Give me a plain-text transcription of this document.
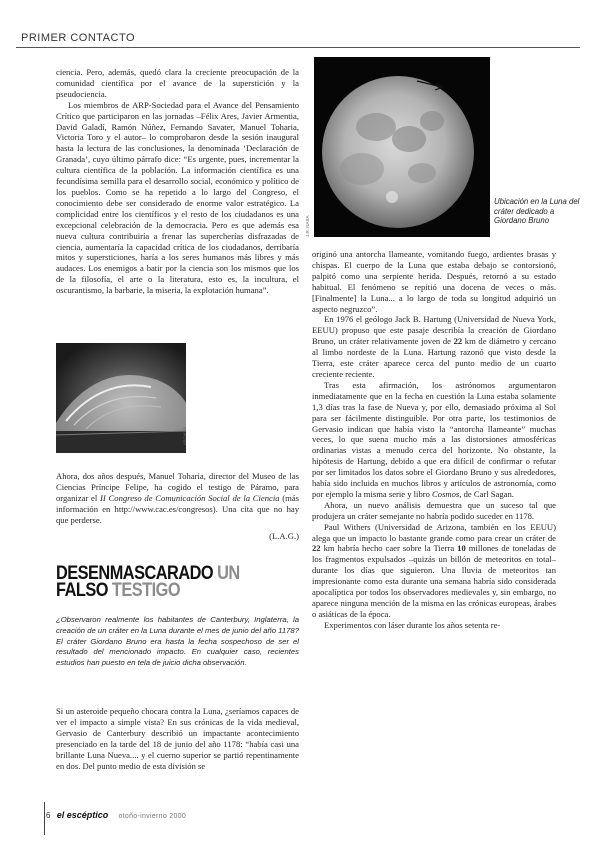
PRIMER CONTACTO

ciencia. Pero, además, quedó clara la creciente preocupación de la comunidad científica por el avance de la superstición y la pseudociencia.

Los miembros de ARP-Sociedad para el Avance del Pensamiento Crítico que participaron en las jornadas –Félix Ares, Javier Armentia, David Galadí, Ramón Núñez, Fernando Savater, Manuel Toharia, Victoria Toro y el autor– lo comprobaron desde la sesión inaugural hasta la lectura de las conclusiones, la denominada ‘Declaración de Granada’, cuyo último párrafo dice: “Es urgente, pues, incrementar la cultura científica de la población. La información científica es una fecundísima semilla para el desarrollo social, económico y político de los pueblos. Como se ha repetido a lo largo del Congreso, el conocimiento debe ser considerado de enorme valor estratégico. La complicidad entre los científicos y el resto de los ciudadanos es una excepcional celebración de la democracia. Pero es que además esa nueva cultura contribuiría a frenar las supercherías disfrazadas de ciencia, aumentaría la capacidad crítica de los ciudadanos, derribaría mitos y supersticiones, haría a los seres humanos más libres y más audaces. Los enemigos a batir por la ciencia son los mismos que los de la filosofía, el arte o la literatura, esto es, la incultura, el oscurantismo, la barbarie, la miseria, la explotación humana”.

ARCHIVO

Ahora, dos años después, Manuel Toharia, director del Museo de las Ciencias Príncipe Felipe, ha cogido el testigo de Páramo, para organizar el II Congreso de Comunicación Social de la Ciencia (más información en http://www.cac.es/congresos). Una cita que no hay que perderse.

(L.A.G.)

DESENMASCARADO UN
FALSO TESTIGO
¿Observaron realmente los habitantes de Canterbury, Inglaterra, la creación de un cráter en la Luna durante el mes de junio del año 1178? El cráter Giordano Bruno era hasta la fecha sospechoso de ser el resultado del mencionado impacto. En cualquier caso, recientes estudios han puesto en tela de juicio dicha observación.
Si un asteroide pequeño chocara contra la Luna, ¿seríamos capaces de ver el impacto a simple vista? En sus crónicas de la vida medieval, Gervasio de Canterbury describió un impactante acontecimiento presenciado en la tarde del 18 de junio del año 1178: “había casi una brillante Luna Nueva.... y el cuerno superior se partió repentinamente en dos. Del punto medio de esta división se
J.R. NASA
Ubicación en la Luna del cráter dedicado a Giordano Bruno

originó una antorcha llameante, vomitando fuego, ardientes brasas y chispas. El cuerpo de la Luna que estaba debajo se contorsionó, palpitó como una serpiente herida. Después, retornó a su estado habitual. El fenómeno se repitió una docena de veces o más. [Finalmente] la Luna... a lo largo de toda su longitud adquirió un aspecto negruzco”.

En 1976 el geólogo Jack B. Hartung (Universidad de Nueva York, EEUU) propuso que este pasaje describía la creación de Giordano Bruno, un cráter relativamente joven de 22 km de diámetro y cercano al limbo nordeste de la Luna. Hartung razonó que visto desde la Tierra, este cráter aparece cerca del punto medio de un cuarto creciente reciente.

Tras esta afirmación, los astrónomos argumentaron inmediatamente que en la fecha en cuestión la Luna estaba solamente 1,3 días tras la fase de Nueva y, por ello, demasiado próxima al Sol para ser fácilmente distinguible. Por otra parte, los testimonios de Gervasio indican que había visto la “antorcha llameante” muchas veces, lo que suena mucho más a las distorsiones atmosféricas ordinarias vistas a menudo cerca del horizonte. No obstante, la hipótesis de Hartung, debido a que era difícil de confirmar o refutar por ser limitados los datos sobre el Giordano Bruno y sus alrededores, había sido incluida en muchos libros y artículos de astronomía, como por ejemplo la misma serie y libro Cosmos, de Carl Sagan.

Ahora, un nuevo análisis demuestra que un suceso tal que produjera un cráter semejante no habría podido suceder en 1178.

Paul Withers (Universidad de Arizona, también en los EEUU) alega que un impacto lo bastante grande como para crear un cráter de 22 km habría hecho caer sobre la Tierra 10 millones de toneladas de los fragmentos expulsados –quizás un billón de meteoritos en total– durante los días que siguieron. Una lluvia de meteoritos tan impresionante como esta durante una semana habría sido considerada apocalíptica por todos los observadores medievales y, sin embargo, no aparece ninguna mención de la misma en las crónicas europeas, árabes o asiáticas de la época.

Experimentos con láser durante los años setenta re-

6 el escéptico otoño-invierno 2000
